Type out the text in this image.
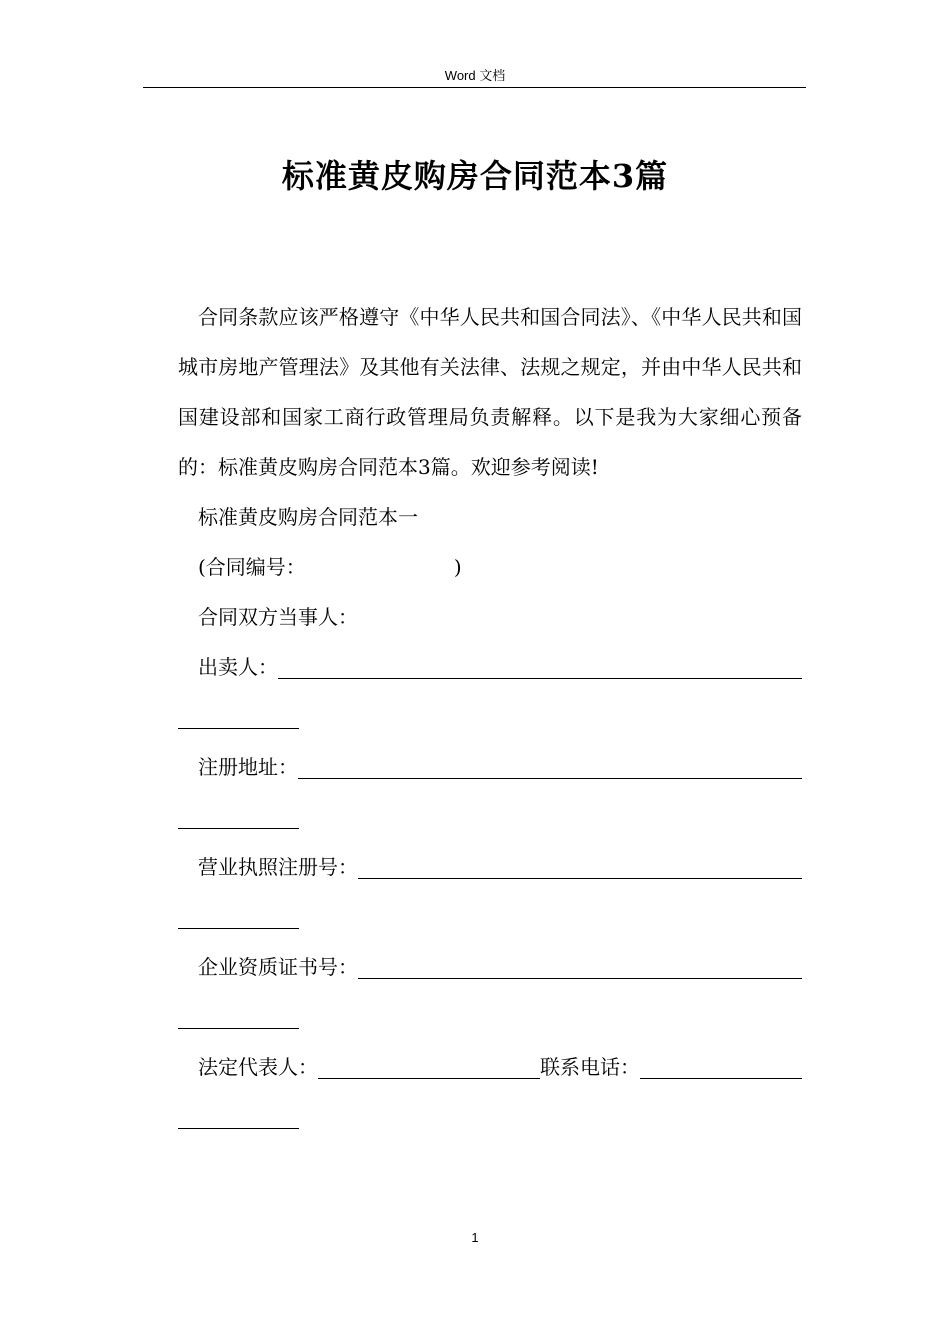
Word 文档
标准黄皮购房合同范本3篇

合同条款应该严格遵守《中华人民共和国合同法》、《中华人民共和国城市房地产管理法》及其他有关法律、法规之规定，并由中华人民共和国建设部和国家工商行政管理局负责解释。以下是我为大家细心预备的：标准黄皮购房合同范本3篇。欢迎参考阅读!

标准黄皮购房合同范本一
(合同编号：	)
合同双方当事人：
出卖人：
注册地址：
营业执照注册号：
企业资质证书号：
法定代表人：	联系电话：
1
